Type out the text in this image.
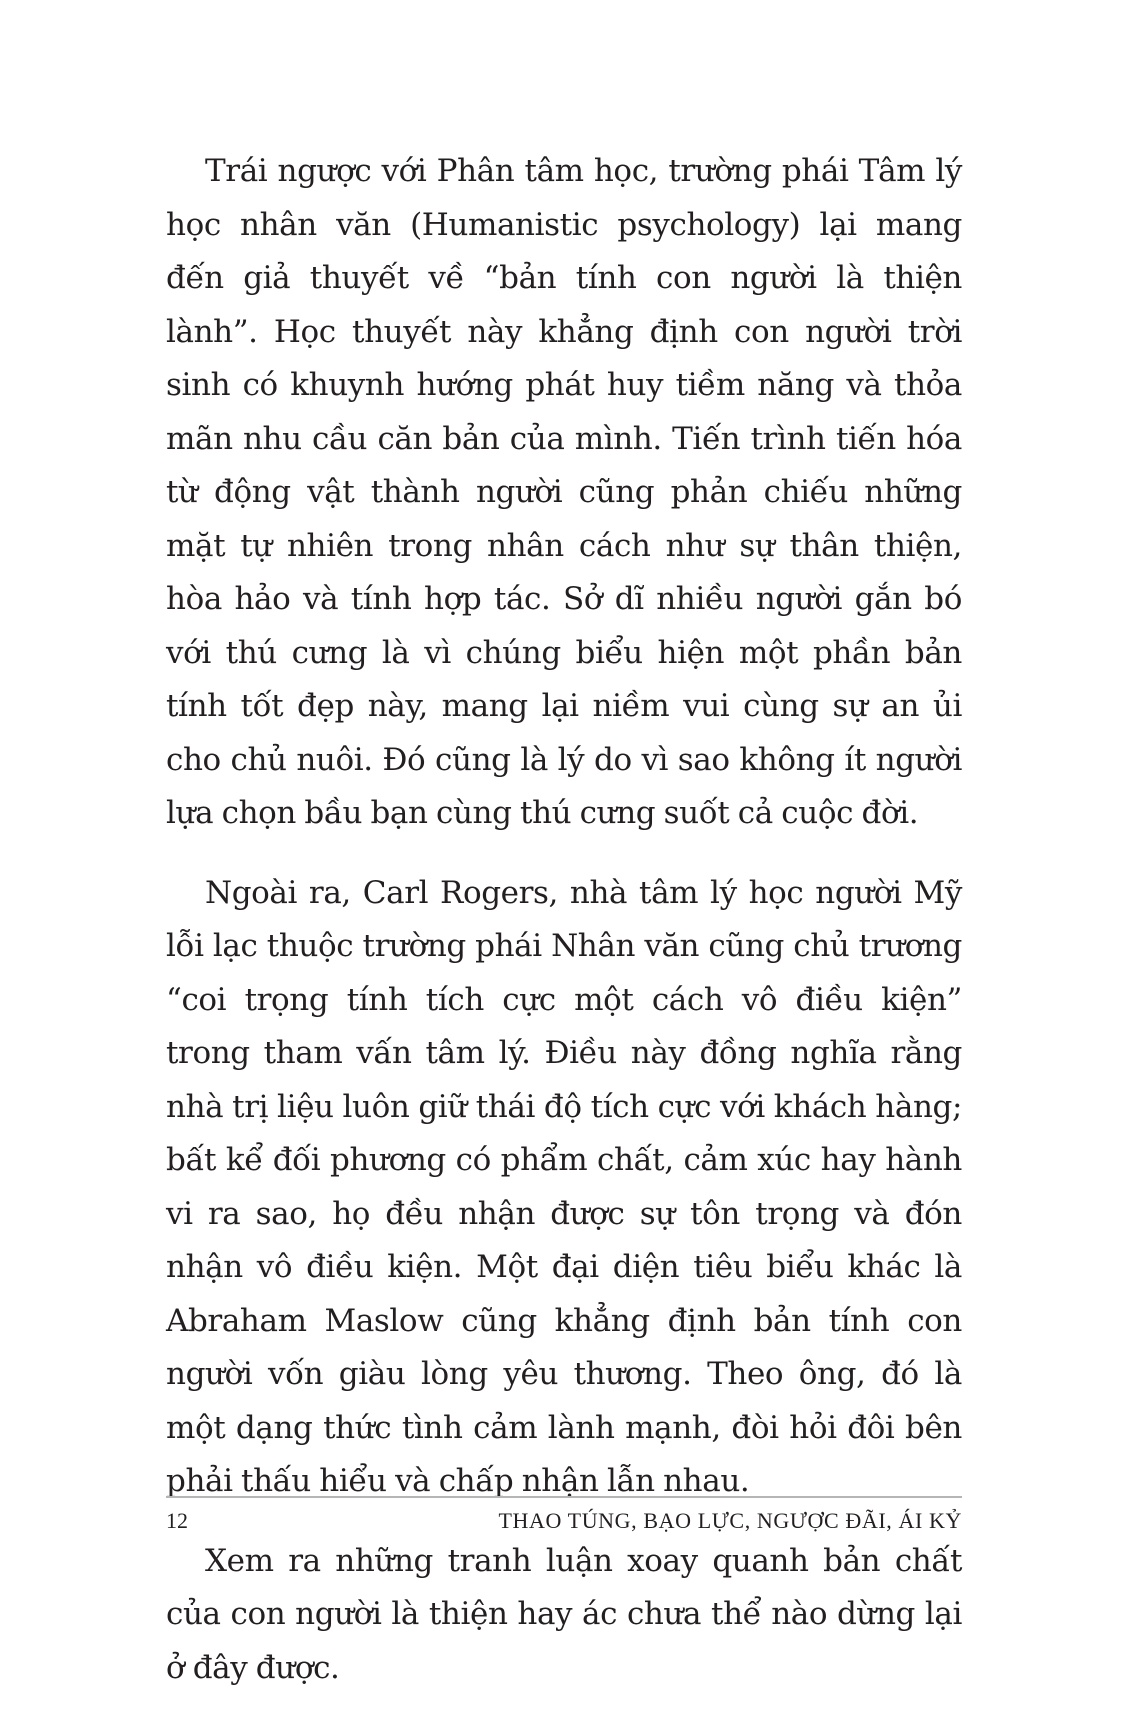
Trái ngược với Phân tâm học, trường phái Tâm lý học nhân văn (Humanistic psychology) lại mang đến giả thuyết về “bản tính con người là thiện lành”. Học thuyết này khẳng định con người trời sinh có khuynh hướng phát huy tiềm năng và thỏa mãn nhu cầu căn bản của mình. Tiến trình tiến hóa từ động vật thành người cũng phản chiếu những mặt tự nhiên trong nhân cách như sự thân thiện, hòa hảo và tính hợp tác. Sở dĩ nhiều người gắn bó với thú cưng là vì chúng biểu hiện một phần bản tính tốt đẹp này, mang lại niềm vui cùng sự an ủi cho chủ nuôi. Đó cũng là lý do vì sao không ít người lựa chọn bầu bạn cùng thú cưng suốt cả cuộc đời.

Ngoài ra, Carl Rogers, nhà tâm lý học người Mỹ lỗi lạc thuộc trường phái Nhân văn cũng chủ trương “coi trọng tính tích cực một cách vô điều kiện” trong tham vấn tâm lý. Điều này đồng nghĩa rằng nhà trị liệu luôn giữ thái độ tích cực với khách hàng; bất kể đối phương có phẩm chất, cảm xúc hay hành vi ra sao, họ đều nhận được sự tôn trọng và đón nhận vô điều kiện. Một đại diện tiêu biểu khác là Abraham Maslow cũng khẳng định bản tính con người vốn giàu lòng yêu thương. Theo ông, đó là một dạng thức tình cảm lành mạnh, đòi hỏi đôi bên phải thấu hiểu và chấp nhận lẫn nhau.

Xem ra những tranh luận xoay quanh bản chất của con người là thiện hay ác chưa thể nào dừng lại ở đây được.

12	THAO TÚNG, BẠO LỰC, NGƯỢC ĐÃI, ÁI KỶ
